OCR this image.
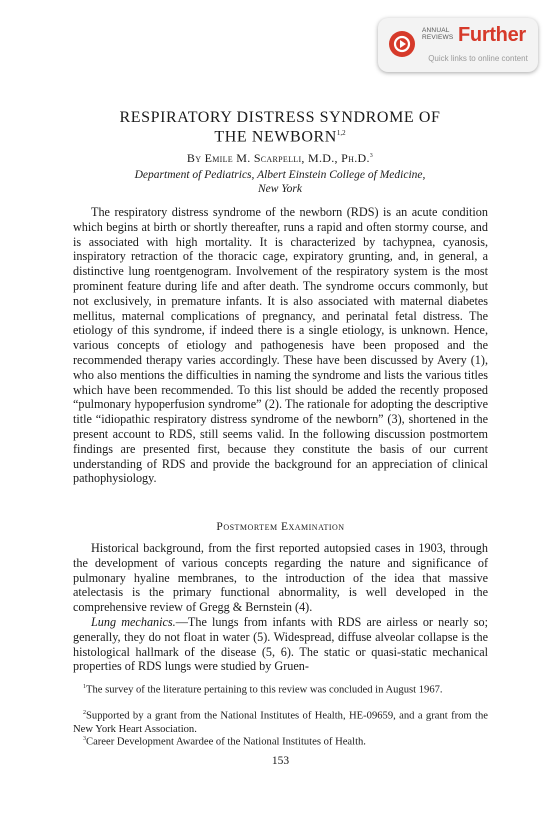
ANNUAL
REVIEWS Further
Quick links to online content
RESPIRATORY DISTRESS SYNDROME OF
THE NEWBORN$^{1,2}$
By Emile M. Scarpelli, M.D., Ph.D.$^3$
Department of Pediatrics, Albert Einstein College of Medicine,
New York

The respiratory distress syndrome of the newborn (RDS) is an acute condition which begins at birth or shortly thereafter, runs a rapid and often stormy course, and is associated with high mortality. It is characterized by tachypnea, cyanosis, inspiratory retraction of the thoracic cage, expiratory grunting, and, in general, a distinctive lung roentgenogram. Involvement of the respiratory system is the most prominent feature during life and after death. The syndrome occurs commonly, but not exclusively, in premature infants. It is also associated with maternal diabetes mellitus, maternal complications of pregnancy, and perinatal fetal distress. The etiology of this syndrome, if indeed there is a single etiology, is unknown. Hence, various concepts of etiology and pathogenesis have been proposed and the recommended therapy varies accordingly. These have been discussed by Avery (1), who also mentions the difficulties in naming the syndrome and lists the various titles which have been recommended. To this list should be added the recently proposed “pulmonary hypoperfusion syndrome” (2). The rationale for adopting the descriptive title “idiopathic respiratory distress syndrome of the newborn” (3), shortened in the present account to RDS, still seems valid. In the following discussion postmortem findings are presented first, because they constitute the basis of our current understanding of RDS and provide the background for an appreciation of clinical pathophysiology.

Postmortem Examination

Historical background, from the first reported autopsied cases in 1903, through the development of various concepts regarding the nature and significance of pulmonary hyaline membranes, to the introduction of the idea that massive atelectasis is the primary functional abnormality, is well developed in the comprehensive review of Gregg & Bernstein (4).

Lung mechanics.—The lungs from infants with RDS are airless or nearly so; generally, they do not float in water (5). Widespread, diffuse alveolar collapse is the histological hallmark of the disease (5, 6). The static or quasi-static mechanical properties of RDS lungs were studied by Gruen-

$^1$The survey of the literature pertaining to this review was concluded in August 1967.
$^2$Supported by a grant from the National Institutes of Health, HE-09659, and a grant from the New York Heart Association.
$^3$Career Development Awardee of the National Institutes of Health.
153
